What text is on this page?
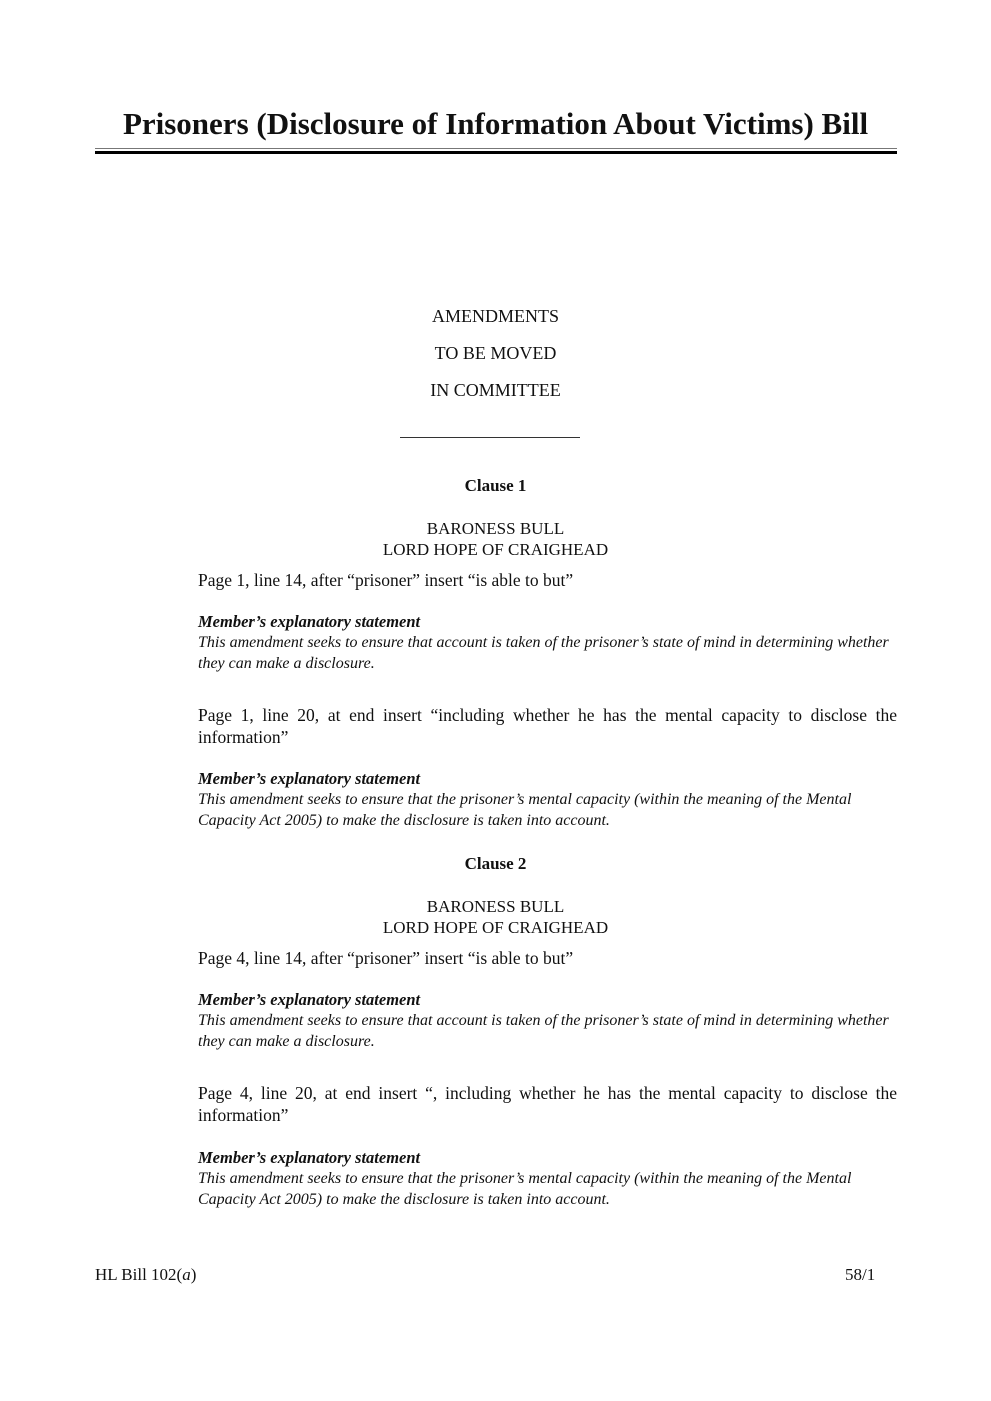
Prisoners (Disclosure of Information About Victims) Bill
AMENDMENTS
TO BE MOVED
IN COMMITTEE
Clause 1
BARONESS BULL
LORD HOPE OF CRAIGHEAD
Page 1, line 14, after “prisoner” insert “is able to but”
Member’s explanatory statement
This amendment seeks to ensure that account is taken of the prisoner’s state of mind in determining whether they can make a disclosure.
Page 1, line 20, at end insert “including whether he has the mental capacity to disclose the information”
Member’s explanatory statement
This amendment seeks to ensure that the prisoner’s mental capacity (within the meaning of the Mental Capacity Act 2005) to make the disclosure is taken into account.
Clause 2
BARONESS BULL
LORD HOPE OF CRAIGHEAD
Page 4, line 14, after “prisoner” insert “is able to but”
Member’s explanatory statement
This amendment seeks to ensure that account is taken of the prisoner’s state of mind in determining whether they can make a disclosure.
Page 4, line 20, at end insert “, including whether he has the mental capacity to disclose the information”
Member’s explanatory statement
This amendment seeks to ensure that the prisoner’s mental capacity (within the meaning of the Mental Capacity Act 2005) to make the disclosure is taken into account.
HL Bill 102(a)	58/1
